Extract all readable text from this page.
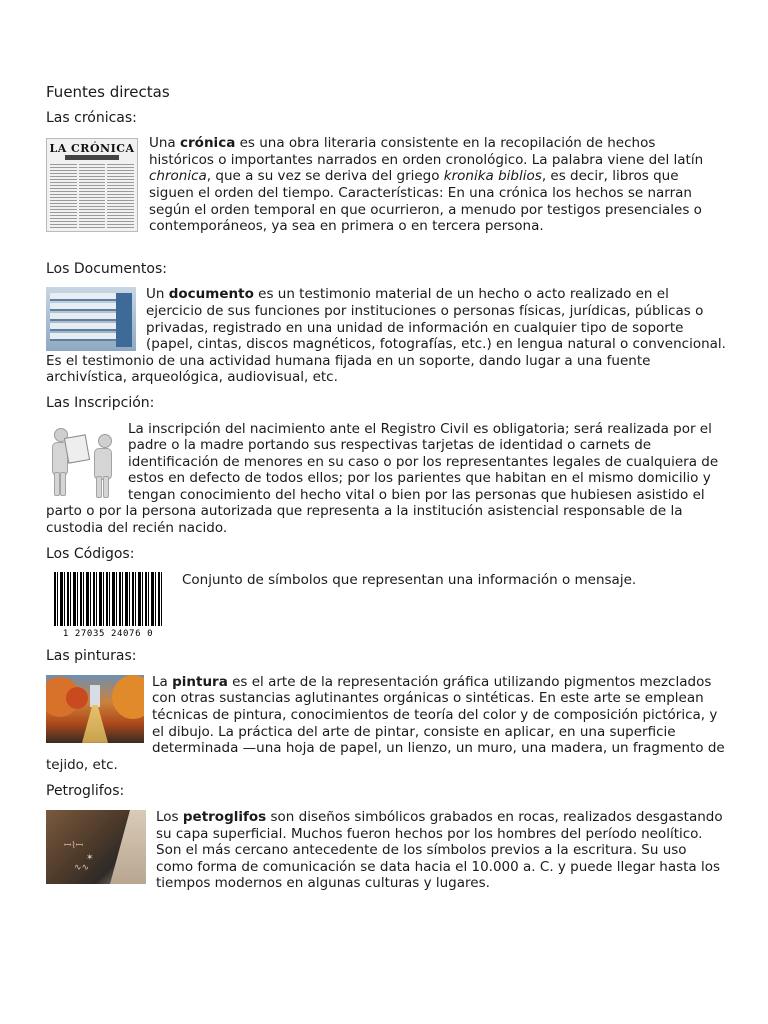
Fuentes directas
Las crónicas:
LA CRÓNICA Una crónica es una obra literaria consistente en la recopilación de hechos históricos o importantes narrados en orden cronológico. La palabra viene del latín chronica, que a su vez se deriva del griego kronika biblios, es decir, libros que siguen el orden del tiempo. Características: En una crónica los hechos se narran según el orden temporal en que ocurrieron, a menudo por testigos presenciales o contemporáneos, ya sea en primera o en tercera persona.

Los Documentos:

Un documento es un testimonio material de un hecho o acto realizado en el ejercicio de sus funciones por instituciones o personas físicas, jurídicas, públicas o privadas, registrado en una unidad de información en cualquier tipo de soporte (papel, cintas, discos magnéticos, fotografías, etc.) en lengua natural o convencional. Es el testimonio de una actividad humana fijada en un soporte, dando lugar a una fuente archivística, arqueológica, audiovisual, etc.

Las Inscripción:

La inscripción del nacimiento ante el Registro Civil es obligatoria; será realizada por el padre o la madre portando sus respectivas tarjetas de identidad o carnets de identificación de menores en su caso o por los representantes legales de cualquiera de estos en defecto de todos ellos; por los parientes que habitan en el mismo domicilio y tengan conocimiento del hecho vital o bien por las personas que hubiesen asistido el parto o por la persona autorizada que representa a la institución asistencial responsable de la custodia del recién nacido.

Los Códigos:
1 27035 24076 0

Conjunto de símbolos que representan una información o mensaje.

Las pinturas:

La pintura es el arte de la representación gráfica utilizando pigmentos mezclados con otras sustancias aglutinantes orgánicas o sintéticas. En este arte se emplean técnicas de pintura, conocimientos de teoría del color y de composición pictórica, y el dibujo. La práctica del arte de pintar, consiste en aplicar, en una superficie determinada —una hoja de papel, un lienzo, un muro, una madera, un fragmento de tejido, etc.

Petroglifos:
ꟷ⌇ꟷ
✶
∿∿

Los petroglifos son diseños simbólicos grabados en rocas, realizados desgastando su capa superficial. Muchos fueron hechos por los hombres del período neolítico. Son el más cercano antecedente de los símbolos previos a la escritura. Su uso como forma de comunicación se data hacia el 10.000 a. C. y puede llegar hasta los tiempos modernos en algunas culturas y lugares.
